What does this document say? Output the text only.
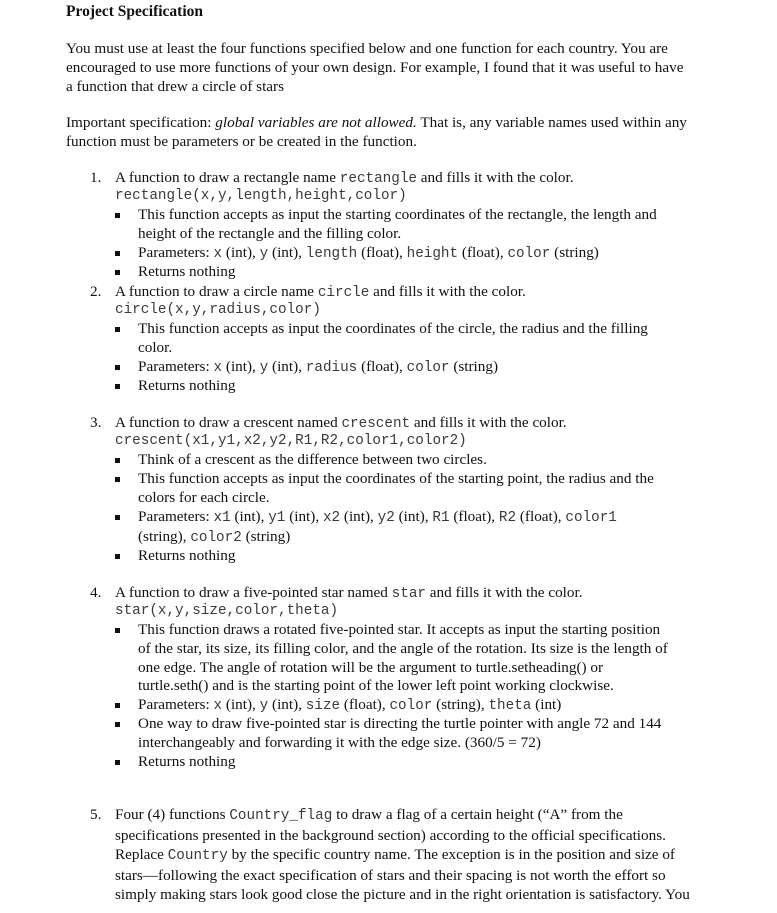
Project Specification
You must use at least the four functions specified below and one function for each country. You are
encouraged to use more functions of your own design. For example, I found that it was useful to have
a function that drew a circle of stars
Important specification: global variables are not allowed. That is, any variable names used within any
function must be parameters or be created in the function.
1. A function to draw a rectangle name rectangle and fills it with the color.
rectangle(x,y,length,height,color)
This function accepts as input the starting coordinates of the rectangle, the length and
height of the rectangle and the filling color.
Parameters: x (int), y (int), length (float), height (float), color (string)
Returns nothing
2. A function to draw a circle name circle and fills it with the color.
circle(x,y,radius,color)
This function accepts as input the coordinates of the circle, the radius and the filling
color.
Parameters: x (int), y (int), radius (float), color (string)
Returns nothing
3. A function to draw a crescent named crescent and fills it with the color.
crescent(x1,y1,x2,y2,R1,R2,color1,color2)
Think of a crescent as the difference between two circles.
This function accepts as input the coordinates of the starting point, the radius and the
colors for each circle.
Parameters: x1 (int), y1 (int), x2 (int), y2 (int), R1 (float), R2 (float), color1
(string), color2 (string)
Returns nothing
4. A function to draw a five-pointed star named star and fills it with the color.
star(x,y,size,color,theta)
This function draws a rotated five-pointed star. It accepts as input the starting position
of the star, its size, its filling color, and the angle of the rotation. Its size is the length of
one edge. The angle of rotation will be the argument to turtle.setheading() or
turtle.seth() and is the starting point of the lower left point working clockwise.
Parameters: x (int), y (int), size (float), color (string), theta (int)
One way to draw five-pointed star is directing the turtle pointer with angle 72 and 144
interchangeably and forwarding it with the edge size. (360/5 = 72)
Returns nothing
5. Four (4) functions Country_flag to draw a flag of a certain height (“A” from the
specifications presented in the background section) according to the official specifications.
Replace Country by the specific country name. The exception is in the position and size of
stars—following the exact specification of stars and their spacing is not worth the effort so
simply making stars look good close the picture and in the right orientation is satisfactory. You
